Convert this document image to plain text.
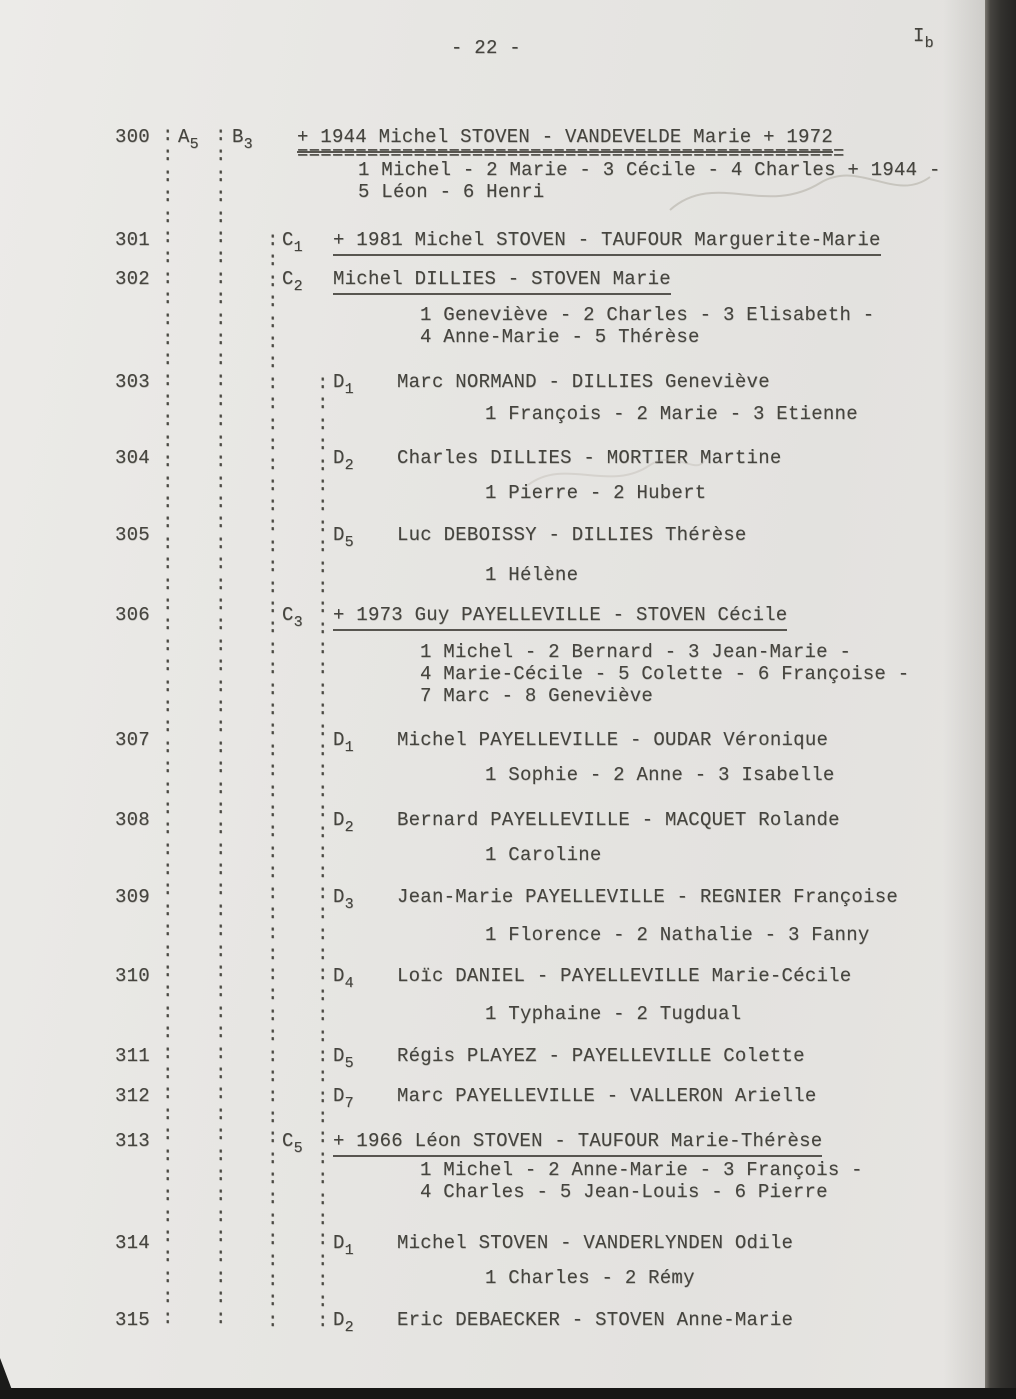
- 22 -
$I_b$
:
:
:
:
:
:
:
:
:
:
:
:
:
:
:
:
:
:
:
:
:
:
:
:
:
:
:
:
:
:
:
:
:
:
:
:
:
:
:
:
:
:
:
:
:
:
:
:
:
:
:
:
:
:
:
:
:
:
:
:
:
:
:
:
:
:
:
:
:
:
:
:
:
:
:
:
:
:
:
:
:
:
:
:
:
:
:
:
:
:
:
:
:
:
:
:
:
:
:
:
:
:
:
:
:
:
:
:
:
:
:
:
:
:
:
:
:
:
:
:
:
:
:
:
:
:
:
:
:
:
:
:
:
:
:
:
:
:
:
:
:
:
:
:
:
:
:
:
:
:
:
:
:
:
:
:
:
:
:
:
:
:
:
:
:
:
:
:
:
:
:
:
:
:
:
:
:
:
:
:
:
:
:
:
:
:
:
:
:
:
:
:
:
:
:
:
:
:
:
:
:
:
:
:
:
:
:
:
:
:
:
:
:
:
:
:
:
:
:
300 $A_5$ $B_3 + 1944$ Michel STOVEN - VANDEVELDE Marie + 1972
===============================================
1 Michel - 2 Marie - 3 Cécile - 4 Charles + 1944 -
5 Léon - 6 Henri
301	$C_1 + 1981$ Michel STOVEN - TAUFOUR Marguerite-Marie
302	$C_2$ Michel DILLIES - STOVEN Marie
1 Geneviève - 2 Charles - 3 Elisabeth -
4 Anne-Marie - 5 Thérèse
303	$D_1$ Marc NORMAND - DILLIES Geneviève
1 François - 2 Marie - 3 Etienne
304	$D_2$ Charles DILLIES - MORTIER Martine
1 Pierre - 2 Hubert
305	$D_5$ Luc DEBOISSY - DILLIES Thérèse
1 Hélène
306	$C_3 + 1973$ Guy PAYELLEVILLE - STOVEN Cécile
1 Michel - 2 Bernard - 3 Jean-Marie -
4 Marie-Cécile - 5 Colette - 6 Françoise -
7 Marc - 8 Geneviève
307	$D_1$ Michel PAYELLEVILLE - OUDAR Véronique
1 Sophie - 2 Anne - 3 Isabelle
308	$D_2$ Bernard PAYELLEVILLE - MACQUET Rolande
1 Caroline
309	$D_3$ Jean-Marie PAYELLEVILLE - REGNIER Françoise
1 Florence - 2 Nathalie - 3 Fanny
310	$D_4$ Loïc DANIEL - PAYELLEVILLE Marie-Cécile
1 Typhaine - 2 Tugdual
311	$D_5$ Régis PLAYEZ - PAYELLEVILLE Colette
312	$D_7$ Marc PAYELLEVILLE - VALLERON Arielle
313	$C_5 + 1966$ Léon STOVEN - TAUFOUR Marie-Thérèse
1 Michel - 2 Anne-Marie - 3 François -
4 Charles - 5 Jean-Louis - 6 Pierre
314	$D_1$ Michel STOVEN - VANDERLYNDEN Odile
1 Charles - 2 Rémy
315	$D_2$ Eric DEBAECKER - STOVEN Anne-Marie
